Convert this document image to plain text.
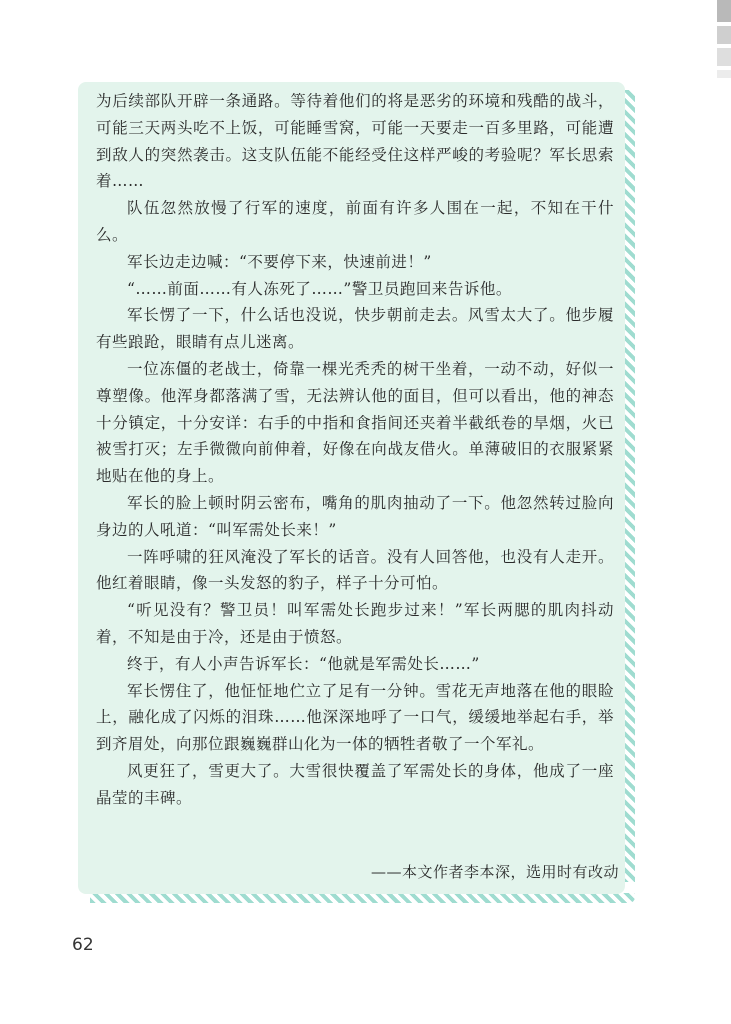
为后续部队开辟一条通路。等待着他们的将是恶劣的环境和残酷的战斗，可能三天两头吃不上饭，可能睡雪窝，可能一天要走一百多里路，可能遭到敌人的突然袭击。这支队伍能不能经受住这样严峻的考验呢？军长思索着……

队伍忽然放慢了行军的速度，前面有许多人围在一起，不知在干什么。

军长边走边喊：“不要停下来，快速前进！”

“……前面……有人冻死了……”警卫员跑回来告诉他。

军长愣了一下，什么话也没说，快步朝前走去。风雪太大了。他步履有些踉跄，眼睛有点儿迷离。

一位冻僵的老战士，倚靠一棵光秃秃的树干坐着，一动不动，好似一尊塑像。他浑身都落满了雪，无法辨认他的面目，但可以看出，他的神态十分镇定，十分安详：右手的中指和食指间还夹着半截纸卷的旱烟，火已被雪打灭；左手微微向前伸着，好像在向战友借火。单薄破旧的衣服紧紧地贴在他的身上。

军长的脸上顿时阴云密布，嘴角的肌肉抽动了一下。他忽然转过脸向身边的人吼道：“叫军需处长来！”

一阵呼啸的狂风淹没了军长的话音。没有人回答他，也没有人走开。他红着眼睛，像一头发怒的豹子，样子十分可怕。

“听见没有？警卫员！叫军需处长跑步过来！”军长两腮的肌肉抖动着，不知是由于冷，还是由于愤怒。

终于，有人小声告诉军长：“他就是军需处长……”

军长愣住了，他怔怔地伫立了足有一分钟。雪花无声地落在他的眼睑上，融化成了闪烁的泪珠……他深深地呼了一口气，缓缓地举起右手，举到齐眉处，向那位跟巍巍群山化为一体的牺牲者敬了一个军礼。

风更狂了，雪更大了。大雪很快覆盖了军需处长的身体，他成了一座晶莹的丰碑。

——本文作者李本深，选用时有改动
62
